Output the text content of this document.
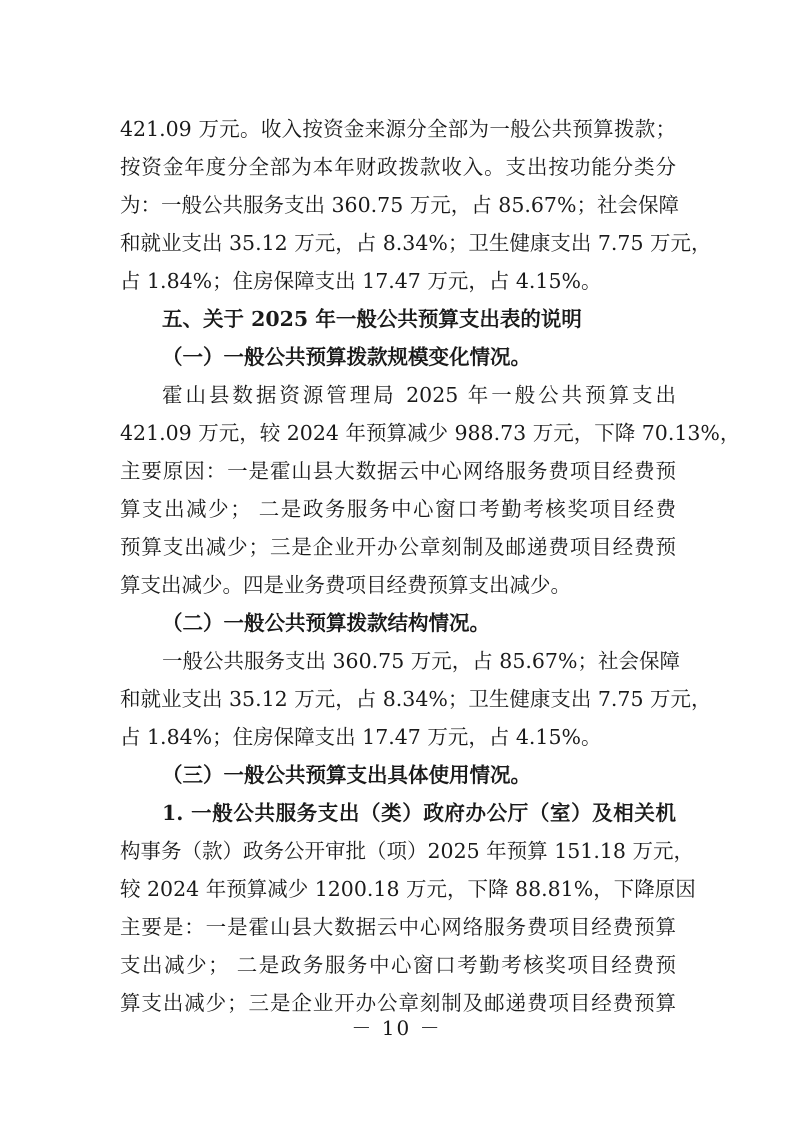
421.09 万元。收入按资金来源分全部为一般公共预算拨款；
按资金年度分全部为本年财政拨款收入。支出按功能分类分
为：一般公共服务支出 360.75 万元，占 85.67%；社会保障
和就业支出 35.12 万元，占 8.34%；卫生健康支出 7.75 万元，
占 1.84%；住房保障支出 17.47 万元，占 4.15%。
五、关于 2025 年一般公共预算支出表的说明
（一）一般公共预算拨款规模变化情况。
霍山县数据资源管理局 2025 年一般公共预算支出
421.09 万元，较 2024 年预算减少 988.73 万元，下降 70.13%，
主要原因：一是霍山县大数据云中心网络服务费项目经费预
算支出减少； 二是政务服务中心窗口考勤考核奖项目经费
预算支出减少；三是企业开办公章刻制及邮递费项目经费预
算支出减少。四是业务费项目经费预算支出减少。
（二）一般公共预算拨款结构情况。
一般公共服务支出 360.75 万元，占 85.67%；社会保障
和就业支出 35.12 万元，占 8.34%；卫生健康支出 7.75 万元，
占 1.84%；住房保障支出 17.47 万元，占 4.15%。
（三）一般公共预算支出具体使用情况。
1. 一般公共服务支出（类）政府办公厅（室）及相关机
构事务（款）政务公开审批（项）2025 年预算 151.18 万元，
较 2024 年预算减少 1200.18 万元，下降 88.81%，下降原因
主要是：一是霍山县大数据云中心网络服务费项目经费预算
支出减少； 二是政务服务中心窗口考勤考核奖项目经费预
算支出减少；三是企业开办公章刻制及邮递费项目经费预算
－ 10 －
